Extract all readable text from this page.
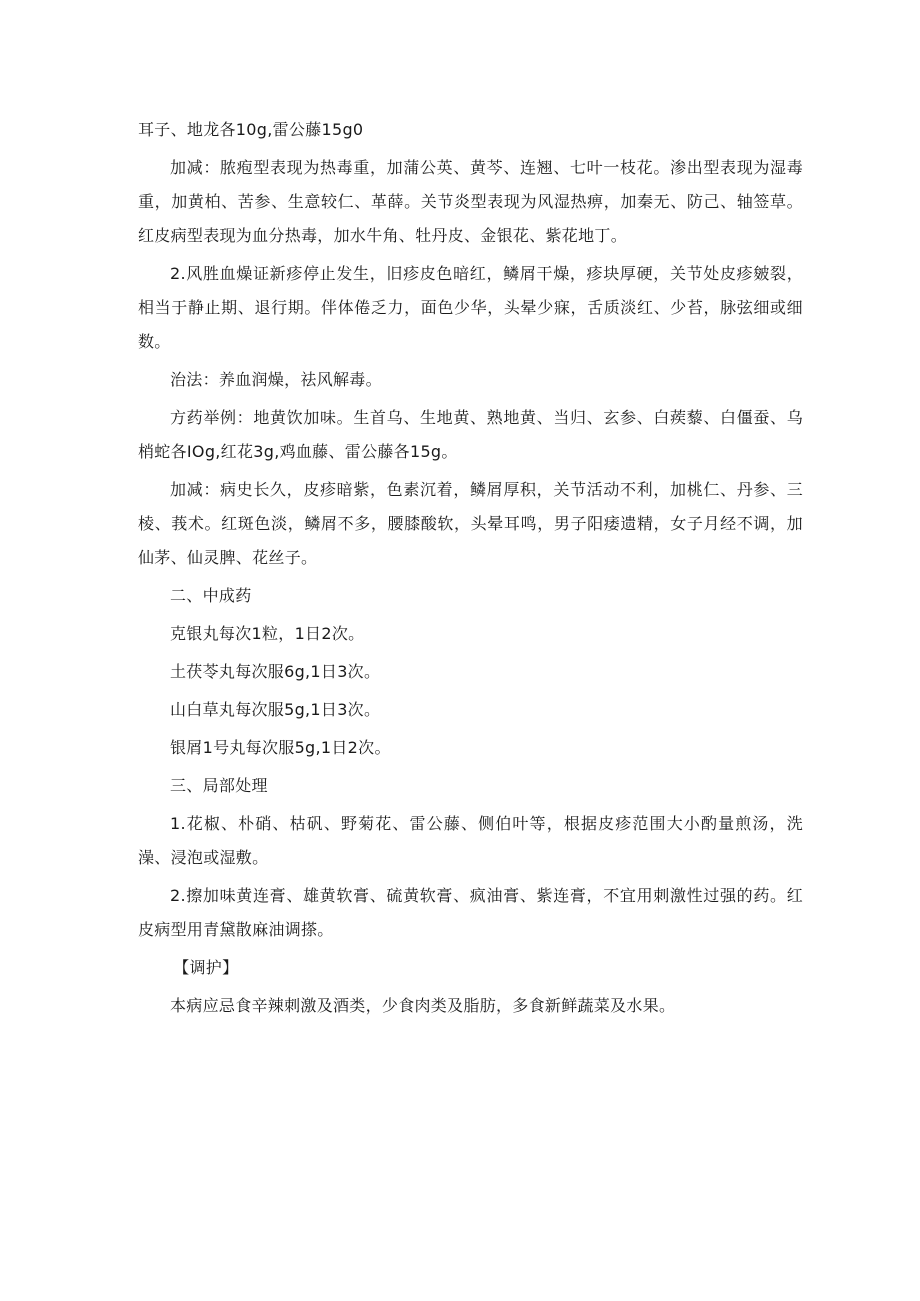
耳子、地龙各10g,雷公藤15g0

加减：脓疱型表现为热毒重，加蒲公英、黄芩、连翘、七叶一枝花。渗出型表现为湿毒重，加黄柏、苦参、生意较仁、革薛。关节炎型表现为风湿热痹，加秦无、防己、轴签草。红皮病型表现为血分热毒，加水牛角、牡丹皮、金银花、紫花地丁。

2.风胜血燥证新疹停止发生，旧疹皮色暗红，鳞屑干燥，疹块厚硬，关节处皮疹皴裂，相当于静止期、退行期。伴体倦乏力，面色少华，头晕少寐，舌质淡红、少苔，脉弦细或细数。

治法：养血润燥，祛风解毒。

方药举例：地黄饮加味。生首乌、生地黄、熟地黄、当归、玄参、白蒺藜、白僵蚕、乌梢蛇各IOg,红花3g,鸡血藤、雷公藤各15g。

加减：病史长久，皮疹暗紫，色素沉着，鳞屑厚积，关节活动不利，加桃仁、丹参、三棱、莪术。红斑色淡，鳞屑不多，腰膝酸软，头晕耳鸣，男子阳痿遗精，女子月经不调，加仙茅、仙灵脾、花丝子。

二、中成药

克银丸每次1粒，1日2次。

土茯苓丸每次服6g,1日3次。

山白草丸每次服5g,1日3次。

银屑1号丸每次服5g,1日2次。

三、局部处理

1.花椒、朴硝、枯矾、野菊花、雷公藤、侧伯叶等，根据皮疹范围大小酌量煎汤，洗澡、浸泡或湿敷。

2.擦加味黄连膏、雄黄软膏、硫黄软膏、疯油膏、紫连膏，不宜用刺激性过强的药。红皮病型用青黛散麻油调搽。

【调护】

本病应忌食辛辣刺激及酒类，少食肉类及脂肪，多食新鲜蔬菜及水果。
